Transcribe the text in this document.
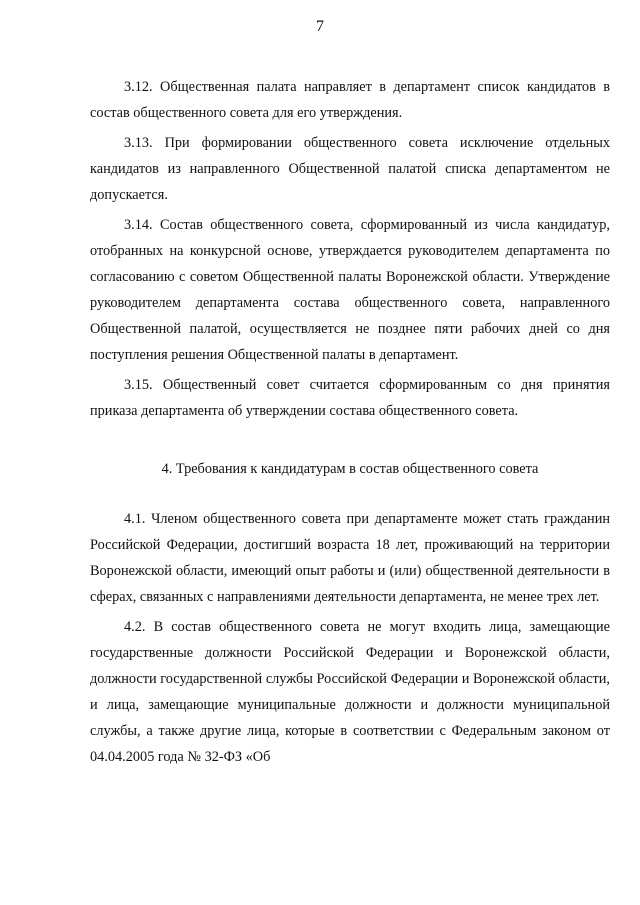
7

3.12. Общественная палата направляет в департамент список кандидатов в состав общественного совета для его утверждения.

3.13. При формировании общественного совета исключение отдельных кандидатов из направленного Общественной палатой списка департаментом не допускается.

3.14. Состав общественного совета, сформированный из числа кандидатур, отобранных на конкурсной основе, утверждается руководителем департамента по согласованию с советом Общественной палаты Воронежской области. Утверждение руководителем департамента состава общественного совета, направленного Общественной палатой, осуществляется не позднее пяти рабочих дней со дня поступления решения Общественной палаты в департамент.

3.15. Общественный совет считается сформированным со дня принятия приказа департамента об утверждении состава общественного совета.

4. Требования к кандидатурам в состав общественного совета

4.1. Членом общественного совета при департаменте может стать гражданин Российской Федерации, достигший возраста 18 лет, проживающий на территории Воронежской области, имеющий опыт работы и (или) общественной деятельности в сферах, связанных с направлениями деятельности департамента, не менее трех лет.

4.2. В состав общественного совета не могут входить лица, замещающие государственные должности Российской Федерации и Воронежской области, должности государственной службы Российской Федерации и Воронежской области, и лица, замещающие муниципальные должности и должности муниципальной службы, а также другие лица, которые в соответствии с Федеральным законом от 04.04.2005 года № 32-ФЗ «Об
